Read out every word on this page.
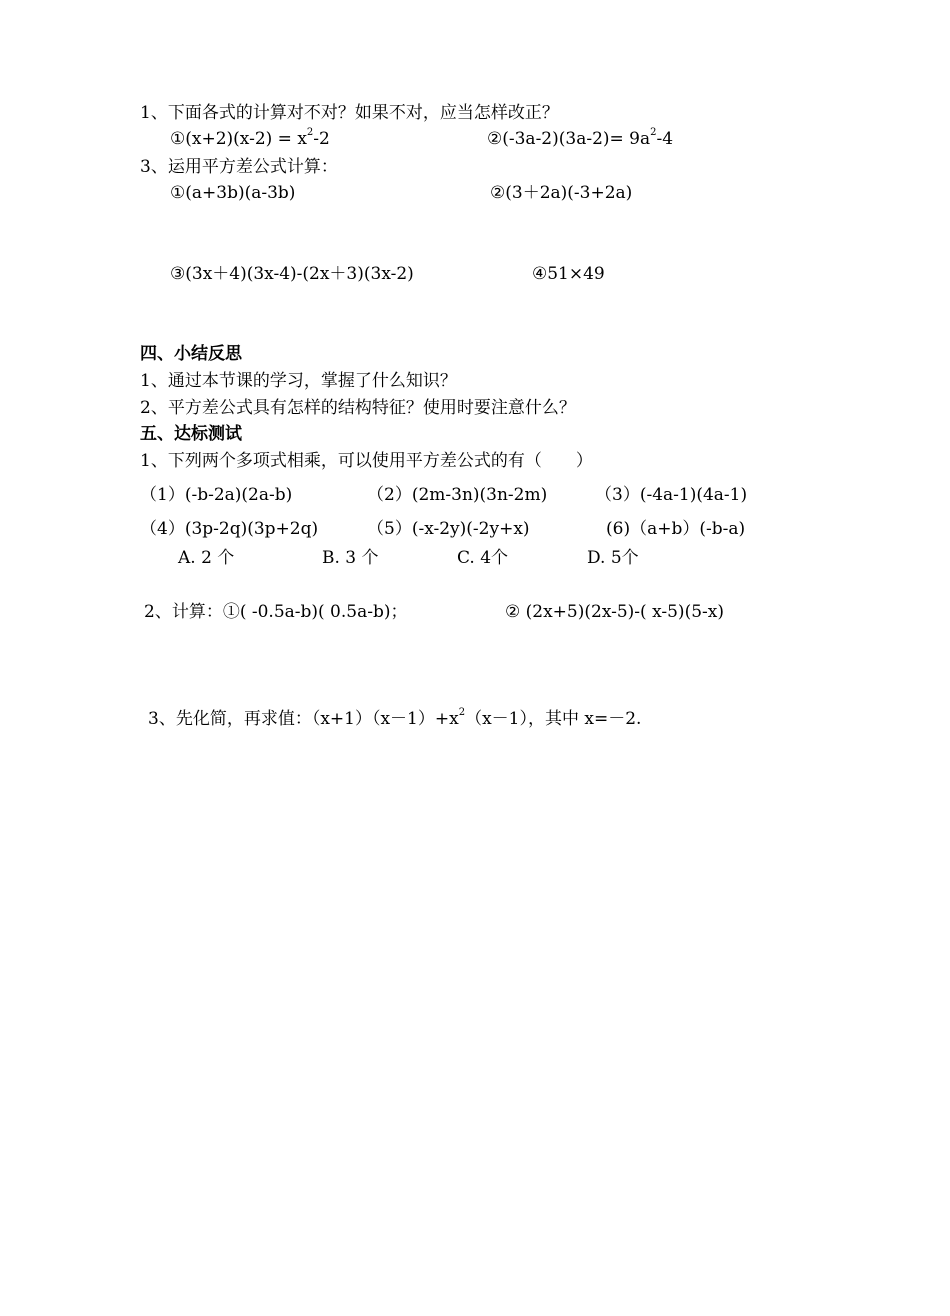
1、下面各式的计算对不对？如果不对，应当怎样改正？
①(x+2)(x-2) = $x^2-2$	②(-3a-2)(3a-2)= $9a^2-4$
3、运用平方差公式计算：
①(a+3b)(a-3b)	②(3＋2a)(-3+2a)
③(3x＋4)(3x-4)-(2x＋3)(3x-2)	④51×49
四、小结反思
1、通过本节课的学习，掌握了什么知识？
2、平方差公式具有怎样的结构特征？使用时要注意什么？
五、达标测试
1、下列两个多项式相乘，可以使用平方差公式的有（　　）
（1）(-b-2a)(2a-b)	（2）(2m-3n)(3n-2m)	（3）(-4a-1)(4a-1)
（4）(3p-2q)(3p+2q)	（5）(-x-2y)(-2y+x)	(6)（a+b）(-b-a)
A. 2 个	B. 3 个	C. 4个	D. 5个
2、计算：①( -0.5a-b)( 0.5a-b)；	② (2x+5)(2x-5)-( x-5)(5-x)
3、先化简，再求值：$(x+1)(x-1)+x^2(x-1)$，其中 x=－2.
